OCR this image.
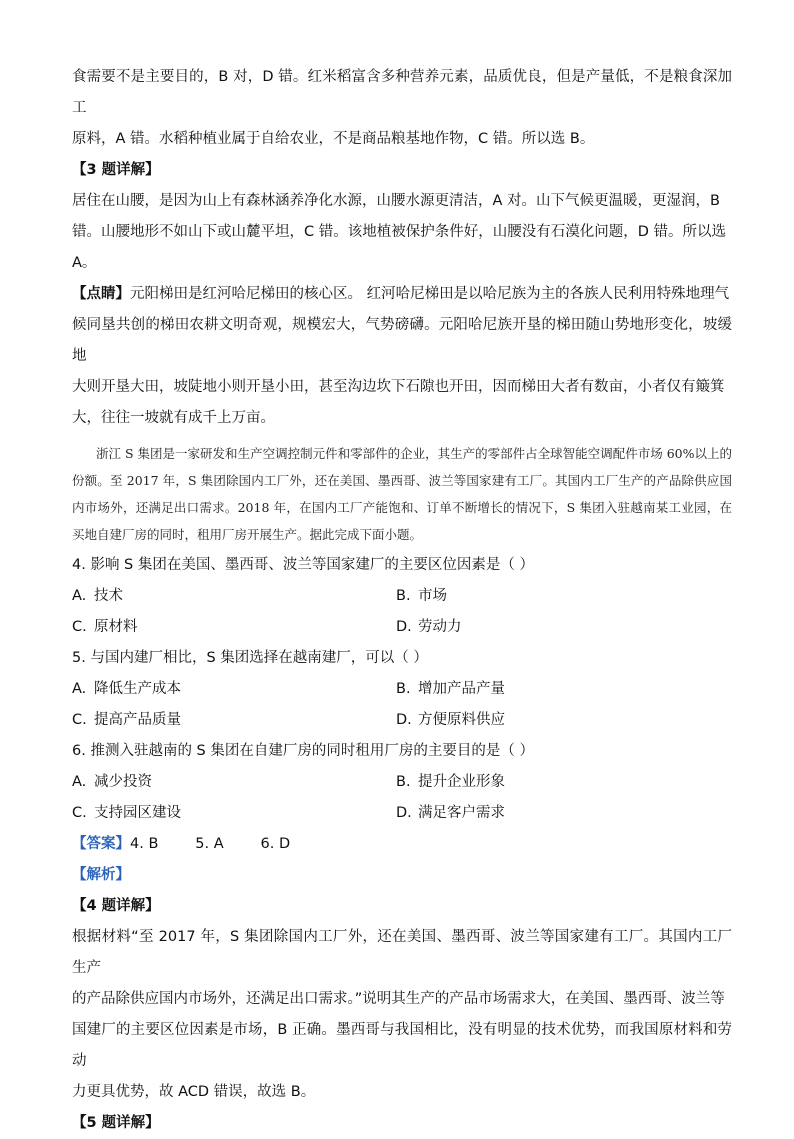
食需要不是主要目的，B 对，D 错。红米稻富含多种营养元素，品质优良，但是产量低，不是粮食深加工

原料，A 错。水稻种植业属于自给农业，不是商品粮基地作物，C 错。所以选 B。

【3 题详解】

居住在山腰，是因为山上有森林涵养净化水源，山腰水源更清洁，A 对。山下气候更温暖，更湿润，B

错。山腰地形不如山下或山麓平坦，C 错。该地植被保护条件好，山腰没有石漠化问题，D 错。所以选

A。

【点睛】元阳梯田是红河哈尼梯田的核心区。 红河哈尼梯田是以哈尼族为主的各族人民利用特殊地理气

候同垦共创的梯田农耕文明奇观，规模宏大，气势磅礴。元阳哈尼族开垦的梯田随山势地形变化，坡缓地

大则开垦大田，坡陡地小则开垦小田，甚至沟边坎下石隙也开田，因而梯田大者有数亩，小者仅有簸箕

大，往往一坡就有成千上万亩。

浙江 S 集团是一家研发和生产空调控制元件和零部件的企业，其生产的零部件占全球智能空调配件市场 60%以上的份额。至 2017 年，S 集团除国内工厂外，还在美国、墨西哥、波兰等国家建有工厂。其国内工厂生产的产品除供应国内市场外，还满足出口需求。2018 年，在国内工厂产能饱和、订单不断增长的情况下，S 集团入驻越南某工业园，在买地自建厂房的同时，租用厂房开展生产。据此完成下面小题。

4. 影响 S 集团在美国、墨西哥、波兰等国家建厂的主要区位因素是（ ）

A. 技术	B. 市场
C. 原材料	D. 劳动力

5. 与国内建厂相比，S 集团选择在越南建厂，可以（ ）

A. 降低生产成本	B. 增加产品产量
C. 提高产品质量	D. 方便原料供应

6. 推测入驻越南的 S 集团在自建厂房的同时租用厂房的主要目的是（ ）

A. 减少投资	B. 提升企业形象
C. 支持园区建设	D. 满足客户需求

【答案】4. B        5. A        6. D

【解析】

【4 题详解】

根据材料“至 2017 年，S 集团除国内工厂外，还在美国、墨西哥、波兰等国家建有工厂。其国内工厂生产

的产品除供应国内市场外，还满足出口需求。”说明其生产的产品市场需求大，在美国、墨西哥、波兰等

国建厂的主要区位因素是市场，B 正确。墨西哥与我国相比，没有明显的技术优势，而我国原材料和劳动

力更具优势，故 ACD 错误，故选 B。

【5 题详解】
